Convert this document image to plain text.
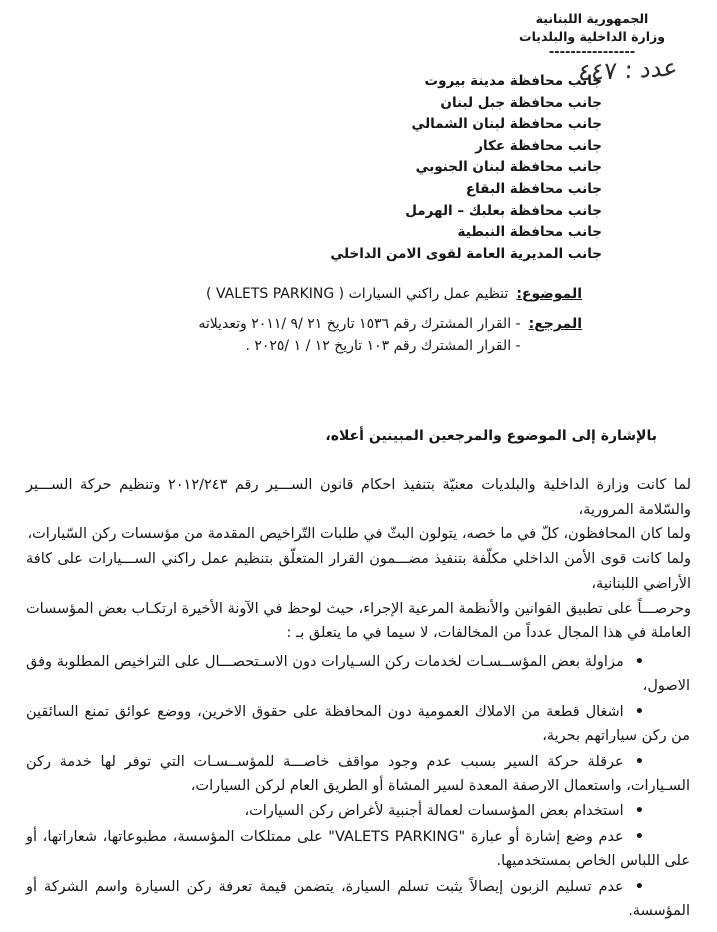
الجمهورية اللبنانية
وزارة الداخلية والبلديات
----------------
عدد : ٤٤٧
جانب محافظة مدينة بيروت
جانب محافظة جبل لبنان
جانب محافظة لبنان الشمالي
جانب محافظة عكار
جانب محافظة لبنان الجنوبي
جانب محافظة البقاع
جانب محافظة بعلبك – الهرمل
جانب محافظة النبطية
جانب المديرية العامة لقوى الامن الداخلي
الموضوع:
تنظيم عمل راكني السيارات ( VALETS PARKING )
المرجع:
- القرار المشترك رقم ١٥٣٦ تاريخ ٢١ /٩ /٢٠١١ وتعديلاته
- القرار المشترك رقم ١٠٣ تاريخ ١٢ / ١ /٢٠٢٥ .
بالإشارة إلى الموضوع والمرجعين المبينين أعلاه،

لما كانت وزارة الداخلية والبلديات معنيّة بتنفيذ احكام قانون الســـير رقم ٢٠١٢/٢٤٣ وتنظيم حركة الســـير والسّلامة المرورية،

ولما كان المحافظون، كلّ في ما خصه، يتولون البثّ في طلبات التّراخيص المقدمة من مؤسسات ركن السّيارات،

ولما كانت قوى الأمن الداخلي مكلّفة بتنفيذ مضـــمون القرار المتعلّق بتنظيم عمل راكني الســـيارات على كافة الأراضي اللبنانية،

وحرصـــاً على تطبيق القوانين والأنظمة المرعية الإجراء، حيث لوحظ في الآونة الأخيرة ارتكـاب بعض المؤسسات العاملة في هذا المجال عدداً من المخالفات، لا سيما في ما يتعلق بـ :

• مزاولة بعض المؤســسـات لخدمات ركن السـيارات دون الاسـتحصـــال على التراخيص المطلوبة وفق الاصول،
• اشغال قطعة من الاملاك العمومية دون المحافظة على حقوق الاخرين، ووضع عوائق تمنع السائقين من ركن سياراتهم بحرية،
• عرقلة حركة السير بسبب عدم وجود مواقف خاصـــة للمؤســسـات التي توفر لها خدمة ركن السـيارات، واستعمال الارصفة المعدة لسير المشاة أو الطريق العام لركن السيارات،
• استخدام بعض المؤسسات لعمالة أجنبية لأغراض ركن السيارات،
• عدم وضع إشارة أو عبارة "VALETS PARKING" على ممتلكات المؤسسة، مطبوعاتها، شعاراتها، أو على اللباس الخاص بمستخدميها.
• عدم تسليم الزبون إيصالاً يثبت تسلم السيارة، يتضمن قيمة تعرفة ركن السيارة واسم الشركة أو المؤسسة.
